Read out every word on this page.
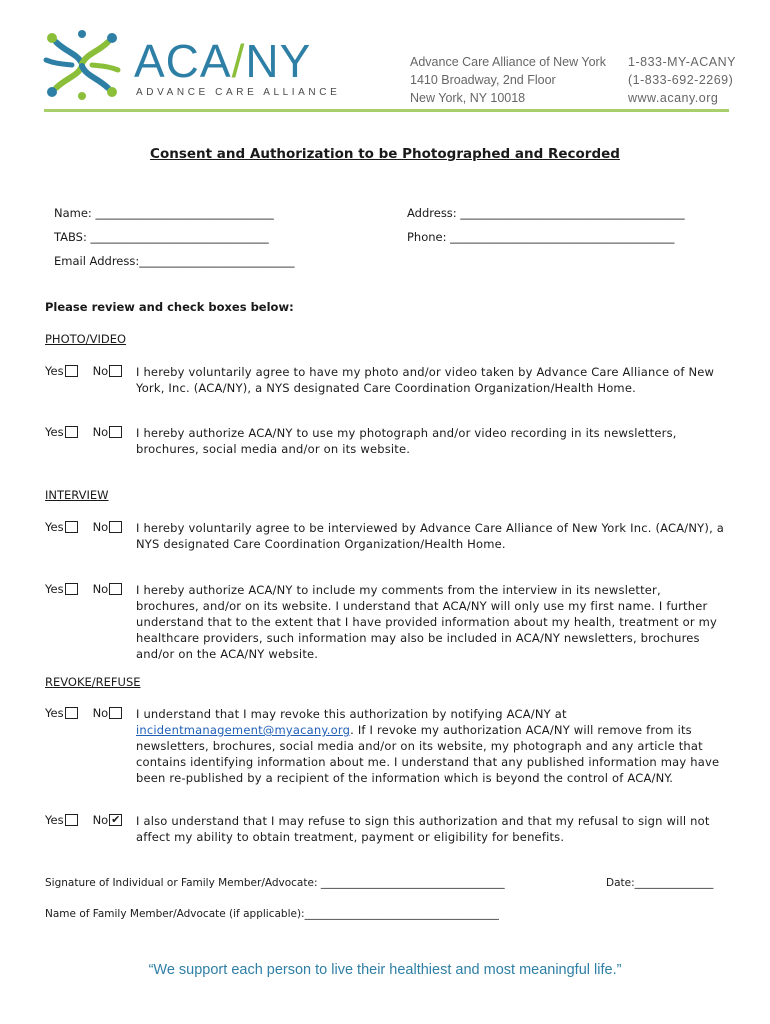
ACA/NY
ADVANCE CARE ALLIANCE
Advance Care Alliance of New York
1410 Broadway, 2nd Floor
New York, NY 10018
1-833-MY-ACANY
(1-833-692-2269)
www.acany.org
Consent and Authorization to be Photographed and Recorded
Name: _______________________________	Address: _______________________________________
TABS: _______________________________	Phone: _______________________________________
Email Address:___________________________
Please review and check boxes below:
PHOTO/VIDEO
Yes	No I hereby voluntarily agree to have my photo and/or video taken by Advance Care Alliance of New York, Inc. (ACA/NY), a NYS designated Care Coordination Organization/Health Home.
Yes	No I hereby authorize ACA/NY to use my photograph and/or video recording in its newsletters, brochures, social media and/or on its website.
INTERVIEW
Yes	No I hereby voluntarily agree to be interviewed by Advance Care Alliance of New York Inc. (ACA/NY), a NYS designated Care Coordination Organization/Health Home.
Yes	No I hereby authorize ACA/NY to include my comments from the interview in its newsletter, brochures, and/or on its website. I understand that ACA/NY will only use my first name. I further understand that to the extent that I have provided information about my health, treatment or my healthcare providers, such information may also be included in ACA/NY newsletters, brochures and/or on the ACA/NY website.
REVOKE/REFUSE
Yes	No I understand that I may revoke this authorization by notifying ACA/NY at incidentmanagement@myacany.org. If I revoke my authorization ACA/NY will remove from its newsletters, brochures, social media and/or on its website, my photograph and any article that contains identifying information about me. I understand that any published information may have been re-published by a recipient of the information which is beyond the control of ACA/NY.
Yes	No ✔ I also understand that I may refuse to sign this authorization and that my refusal to sign will not affect my ability to obtain treatment, payment or eligibility for benefits.
Signature of Individual or Family Member/Advocate: ___________________________________	Date:_______________
Name of Family Member/Advocate (if applicable):_____________________________________
“We support each person to live their healthiest and most meaningful life.”
